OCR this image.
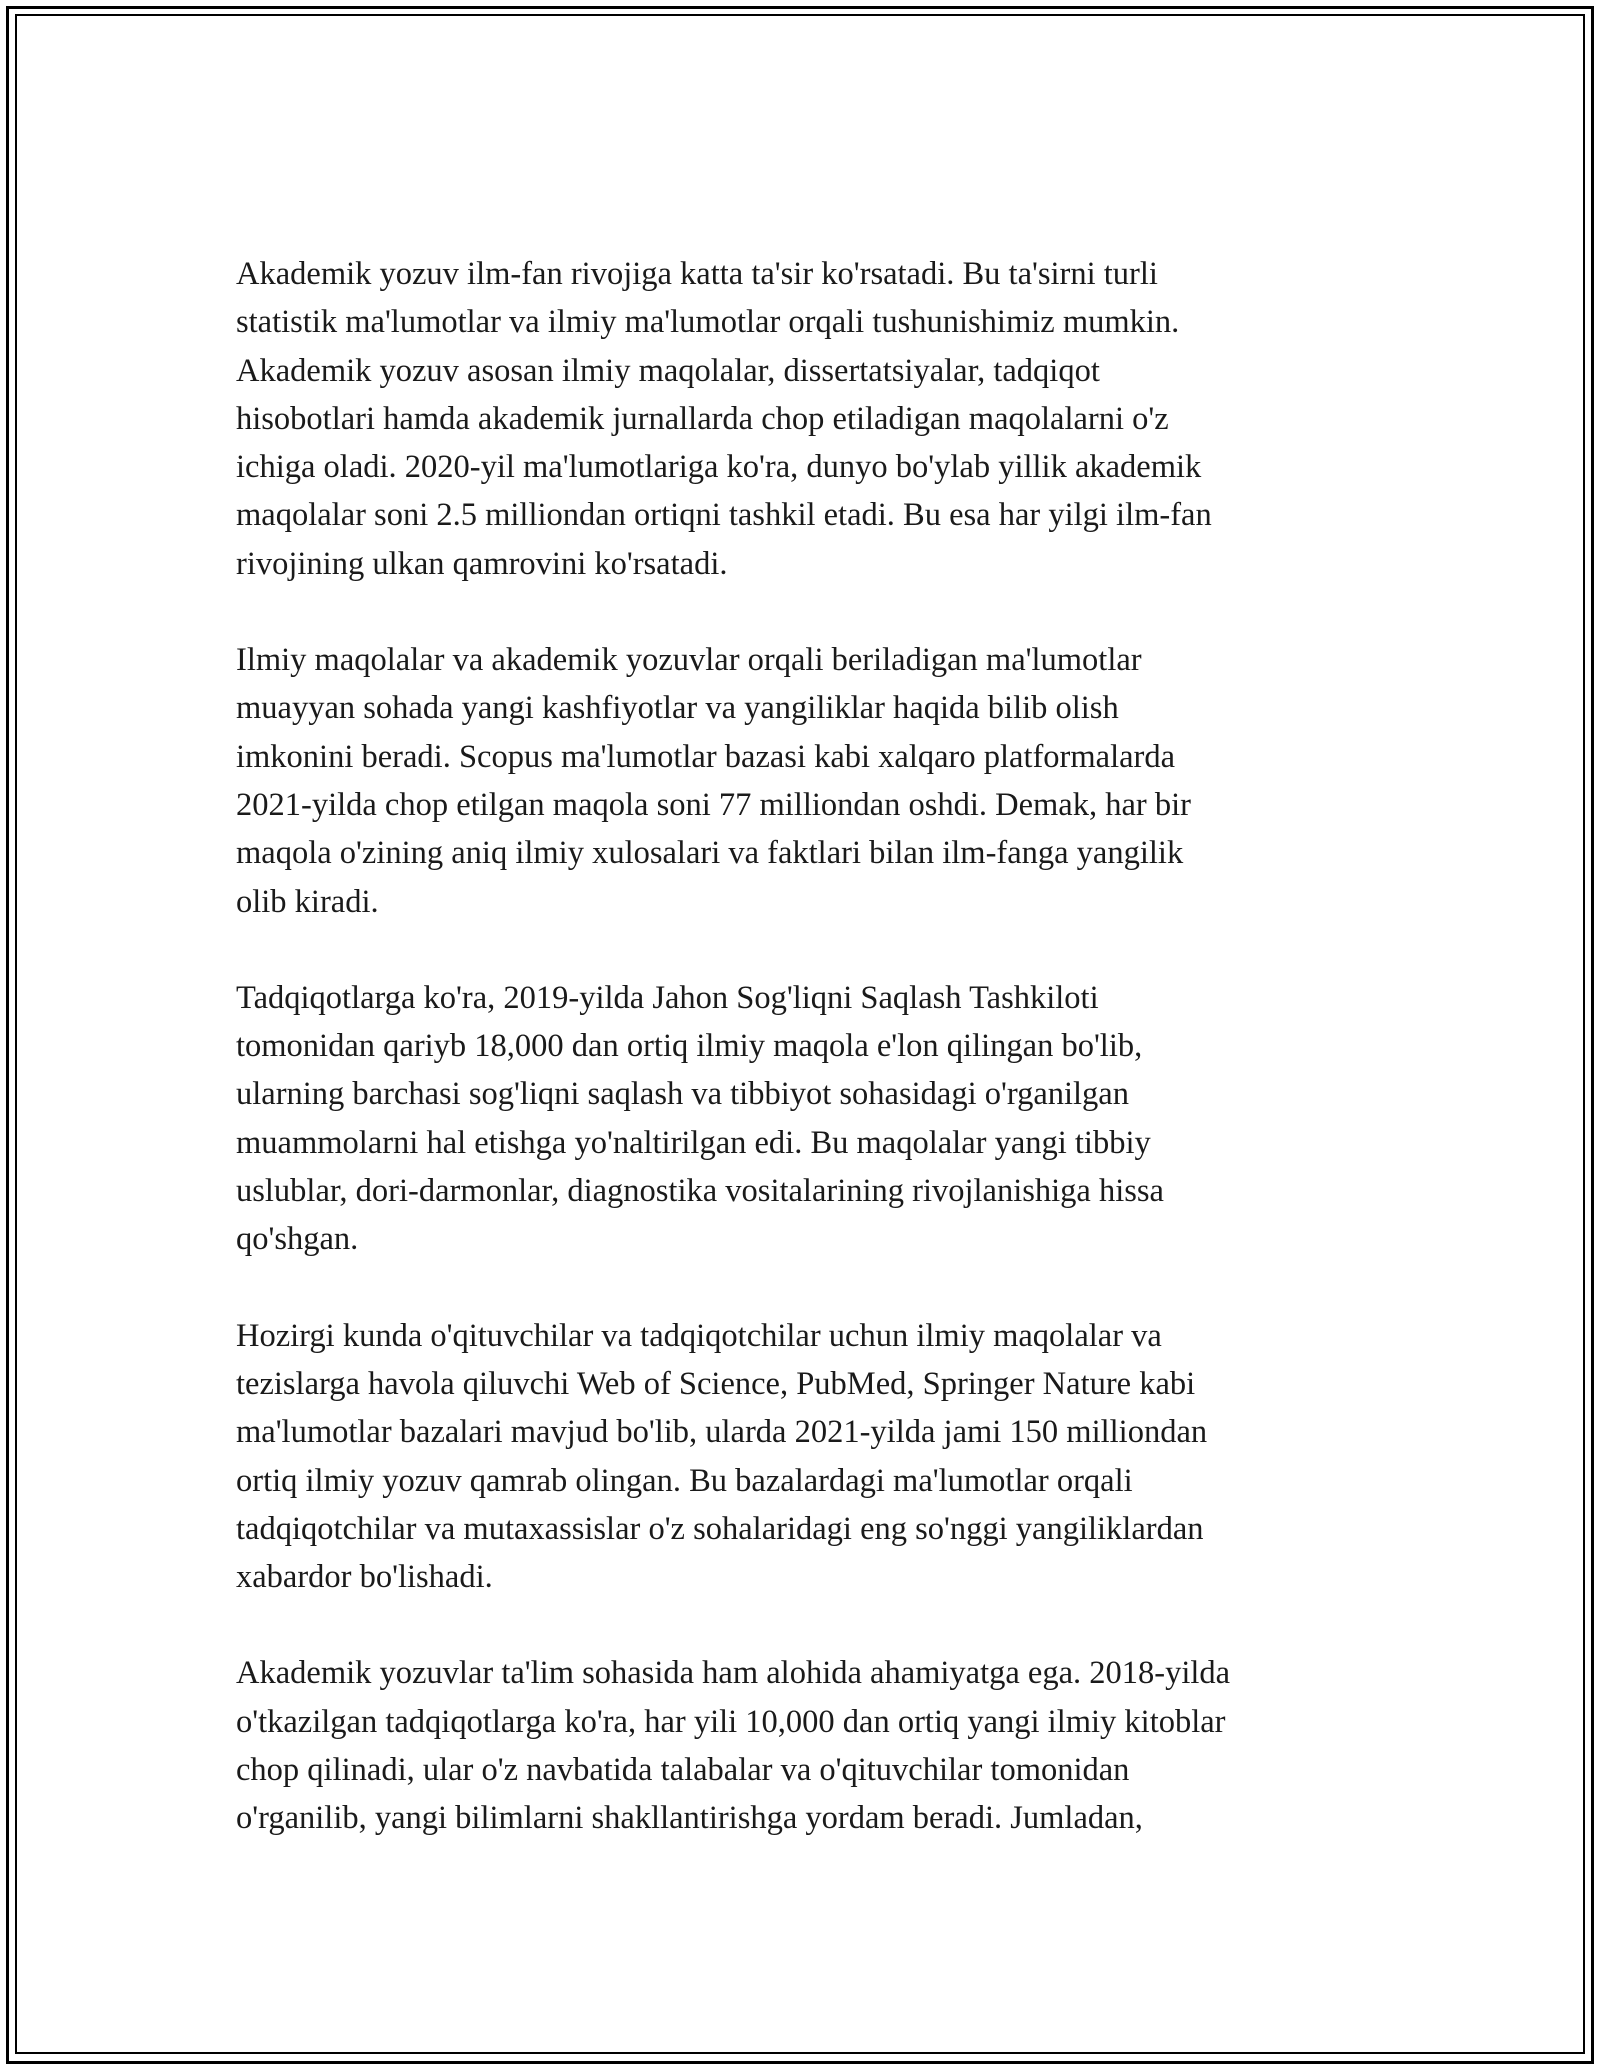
Akademik yozuv ilm-fan rivojiga katta ta'sir ko'rsatadi. Bu ta'sirni turli
statistik ma'lumotlar va ilmiy ma'lumotlar orqali tushunishimiz mumkin.
Akademik yozuv asosan ilmiy maqolalar, dissertatsiyalar, tadqiqot
hisobotlari hamda akademik jurnallarda chop etiladigan maqolalarni o'z
ichiga oladi. 2020-yil ma'lumotlariga ko'ra, dunyo bo'ylab yillik akademik
maqolalar soni 2.5 milliondan ortiqni tashkil etadi. Bu esa har yilgi ilm-fan
rivojining ulkan qamrovini ko'rsatadi.

Ilmiy maqolalar va akademik yozuvlar orqali beriladigan ma'lumotlar
muayyan sohada yangi kashfiyotlar va yangiliklar haqida bilib olish
imkonini beradi. Scopus ma'lumotlar bazasi kabi xalqaro platformalarda
2021-yilda chop etilgan maqola soni 77 milliondan oshdi. Demak, har bir
maqola o'zining aniq ilmiy xulosalari va faktlari bilan ilm-fanga yangilik
olib kiradi.

Tadqiqotlarga ko'ra, 2019-yilda Jahon Sog'liqni Saqlash Tashkiloti
tomonidan qariyb 18,000 dan ortiq ilmiy maqola e'lon qilingan bo'lib,
ularning barchasi sog'liqni saqlash va tibbiyot sohasidagi o'rganilgan
muammolarni hal etishga yo'naltirilgan edi. Bu maqolalar yangi tibbiy
uslublar, dori-darmonlar, diagnostika vositalarining rivojlanishiga hissa
qo'shgan.

Hozirgi kunda o'qituvchilar va tadqiqotchilar uchun ilmiy maqolalar va
tezislarga havola qiluvchi Web of Science, PubMed, Springer Nature kabi
ma'lumotlar bazalari mavjud bo'lib, ularda 2021-yilda jami 150 milliondan
ortiq ilmiy yozuv qamrab olingan. Bu bazalardagi ma'lumotlar orqali
tadqiqotchilar va mutaxassislar o'z sohalaridagi eng so'nggi yangiliklardan
xabardor bo'lishadi.

Akademik yozuvlar ta'lim sohasida ham alohida ahamiyatga ega. 2018-yilda
o'tkazilgan tadqiqotlarga ko'ra, har yili 10,000 dan ortiq yangi ilmiy kitoblar
chop qilinadi, ular o'z navbatida talabalar va o'qituvchilar tomonidan
o'rganilib, yangi bilimlarni shakllantirishga yordam beradi. Jumladan,
